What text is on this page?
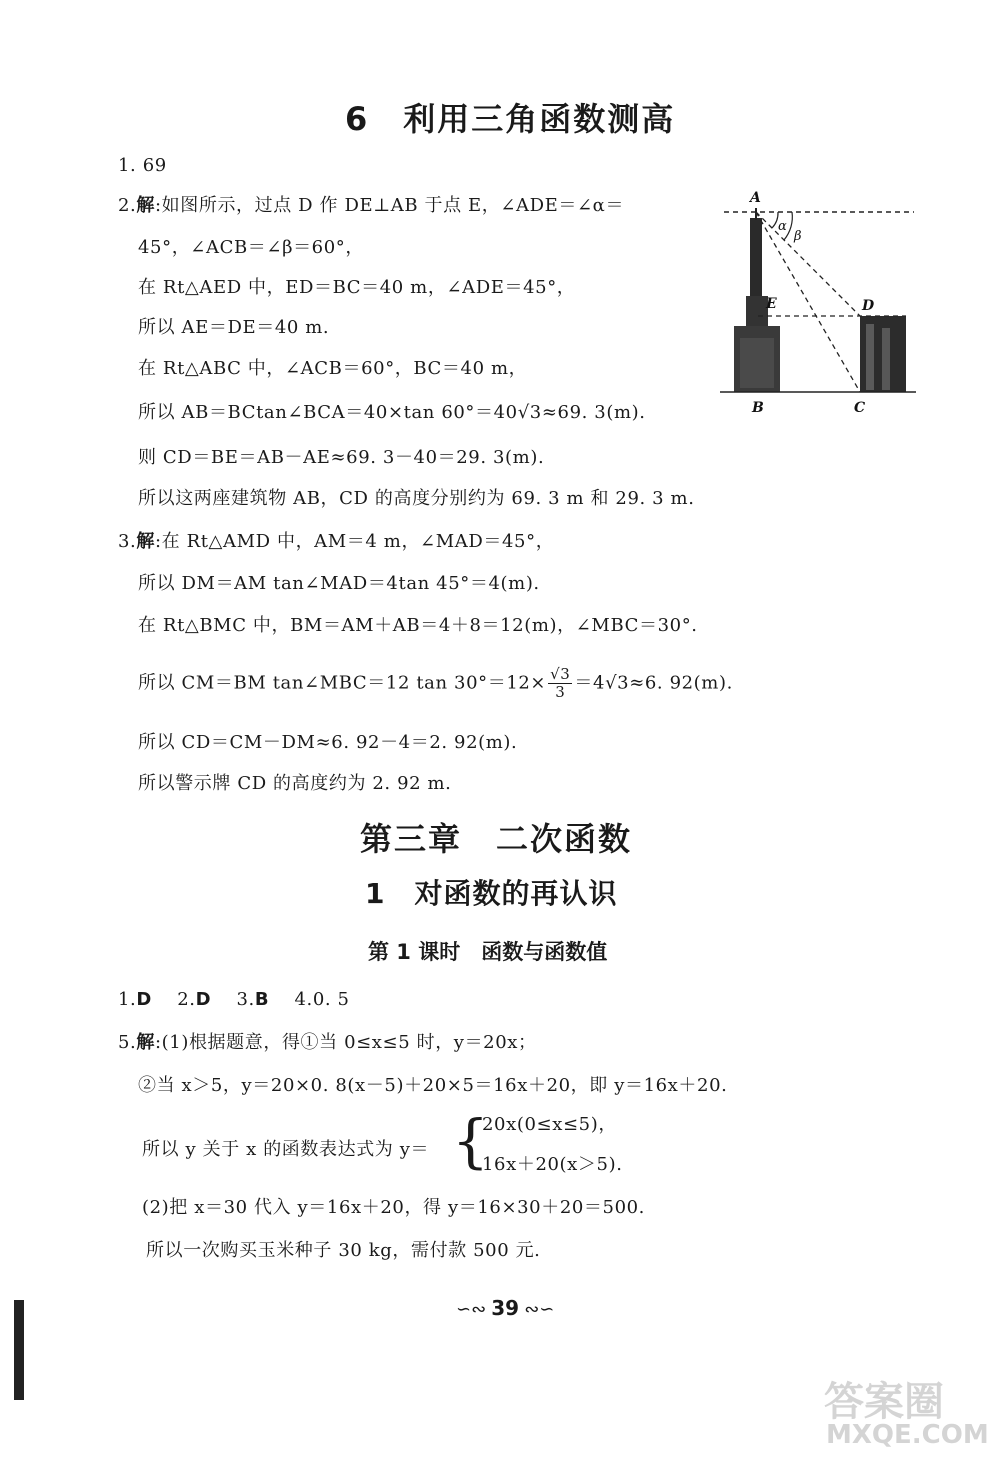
6　利用三角函数测高
1. 69
2.解:如图所示，过点 D 作 DE⊥AB 于点 E，∠ADE＝∠α＝
45°，∠ACB＝∠β＝60°，
在 Rt△AED 中，ED＝BC＝40 m，∠ADE＝45°，
所以 AE＝DE＝40 m.
在 Rt△ABC 中，∠ACB＝60°，BC＝40 m，
所以 AB＝BCtan∠BCA＝40×tan 60°＝40√3≈69. 3(m).
则 CD＝BE＝AB－AE≈69. 3－40＝29. 3(m).
所以这两座建筑物 AB，CD 的高度分别约为 69. 3 m 和 29. 3 m.
A
α
β
E	D
B	C
3.解:在 Rt△AMD 中，AM＝4 m，∠MAD＝45°，
所以 DM＝AM tan∠MAD＝4tan 45°＝4(m).
在 Rt△BMC 中，BM＝AM＋AB＝4＋8＝12(m)，∠MBC＝30°.
所以 CM＝BM tan∠MBC＝12 $\tan 30^\circ=12\times \frac{√3}{3} =4√3\approx 6$. 92(m).
所以 CD＝CM－DM≈6. 92－4＝2. 92(m).
所以警示牌 CD 的高度约为 2. 92 m.
第三章　二次函数
1　对函数的再认识
第 1 课时　函数与函数值
1.D 2.D 3.B 4.0. 5
5.解:(1)根据题意，得①当 0≤x≤5 时，y＝20x；
②当 x＞5，y＝20×0. 8(x－5)＋20×5＝16x＋20，即 y＝16x＋20.
所以 y 关于 x 的函数表达式为 y＝ {
20x(0≤x≤5)，
16x＋20(x＞5).
(2)把 x＝30 代入 y＝16x＋20，得 y＝16×30＋20＝500.
所以一次购买玉米种子 30 kg，需付款 500 元.
∽∾ 39 ∾∽
答案圈
MXQE.COM
